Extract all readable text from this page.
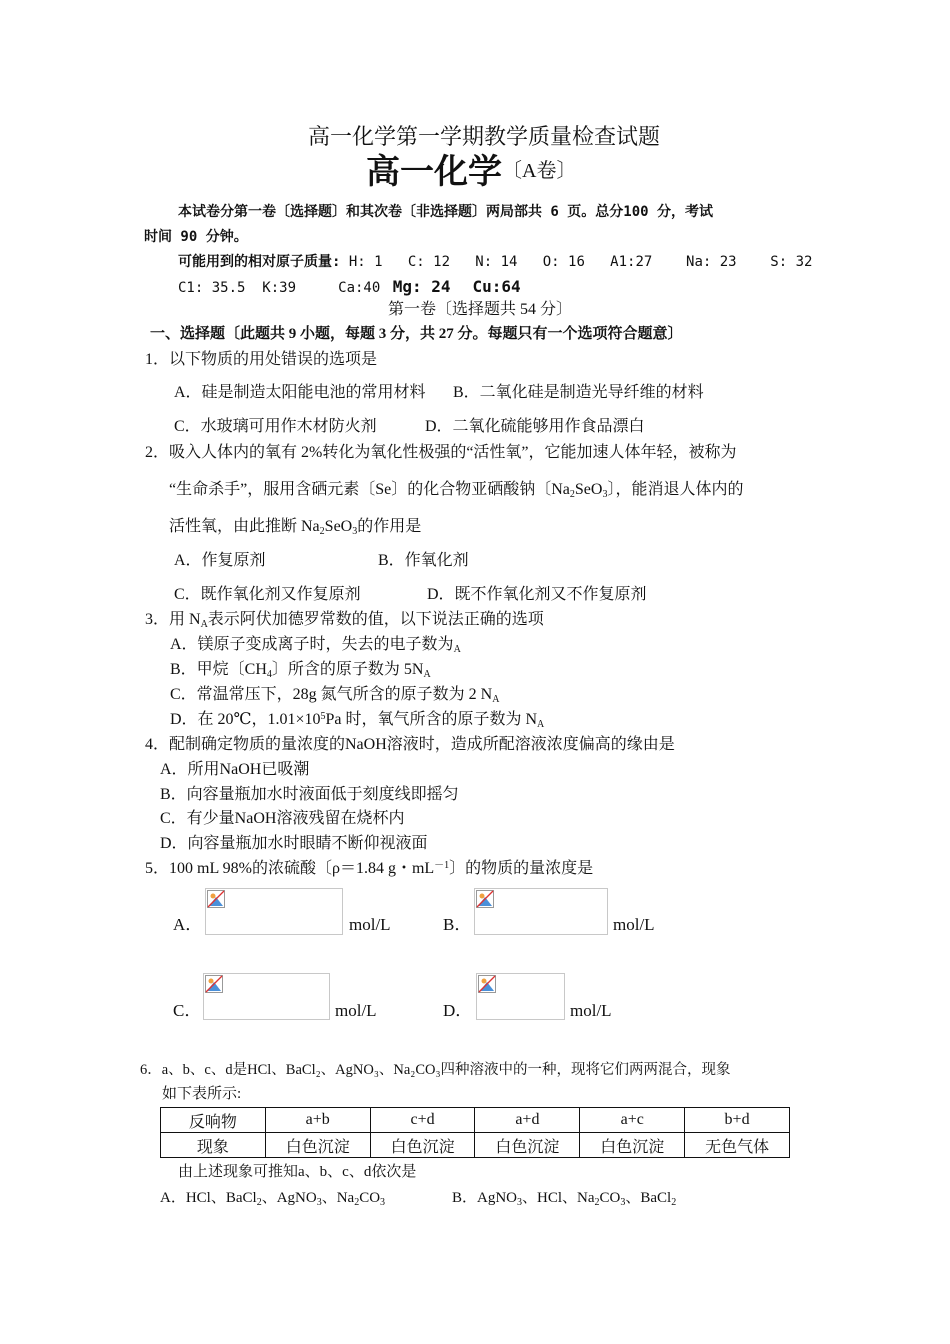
高一化学第一学期教学质量检查试题
高一化学〔A卷〕
本试卷分第一卷〔选择题〕和其次卷〔非选择题〕两局部共 6 页。总分100 分，考试
时间 90 分钟。
可能用到的相对原子质量: H: 1   C: 12   N: 14   O: 16   A1:27    Na: 23    S: 32
C1: 35.5  K:39     Ca:40 Mg: 24 Cu:64
第一卷〔选择题共 54 分〕
一、选择题〔此题共 9 小题，每题 3 分，共 27 分。每题只有一个选项符合题意〕
1．以下物质的用处错误的选项是
A．硅是制造太阳能电池的常用材料 B．二氧化硅是制造光导纤维的材料
C．水玻璃可用作木材防火剂	D．二氧化硫能够用作食品漂白
2．吸入人体内的氧有 2%转化为氧化性极强的“活性氧”，它能加速人体年轻，被称为
“生命杀手”，服用含硒元素〔Se〕的化合物亚硒酸钠〔$Na_2SeO_3$〕，能消退人体内的
活性氧，由此推断 $Na_2SeO_3$的作用是
A．作复原剂	B．作氧化剂
C．既作氧化剂又作复原剂	D．既不作氧化剂又不作复原剂
3．用 $N_A$表示阿伏加德罗常数的值，以下说法正确的选项
A．镁原子变成离子时，失去的电子数为$_A$
B．甲烷〔$CH_4$〕所含的原子数为 $5N_A$
C．常温常压下，28g 氮气所含的原子数为 2 $N_A$
D．在 20℃，$1.01\times 10^5Pa$ 时，氧气所含的原子数为 $N_A$
4．配制确定物质的量浓度的NaOH溶液时，造成所配溶液浓度偏高的缘由是
A．所用NaOH已吸潮
B．向容量瓶加水时液面低于刻度线即摇匀
C．有少量NaOH溶液残留在烧杯内
D．向容量瓶加水时眼睛不断仰视液面
5．100 mL 98%的浓硫酸〔ρ＝1.84 g・$mL^{-1}$〕的物质的量浓度是
A．	mol/L	B．	mol/L
C．	mol/L	D．	mol/L
6．a、b、c、d是HCl、BaCl₂、AgNO₃、Na₂CO₃四种溶液中的一种，现将它们两两混合，现象
如下表所示:
反响物	a+b	c+d	a+d	a+c	b+d
现象	白色沉淀	白色沉淀	白色沉淀	白色沉淀	无色气体
由上述现象可推知a、b、c、d依次是
A．HCl、BaCl$_2$、AgNO$_3$、$Na_2CO_3$	B．AgNO$_3$、HCl、$Na_2CO_3$、BaCl$_2$
